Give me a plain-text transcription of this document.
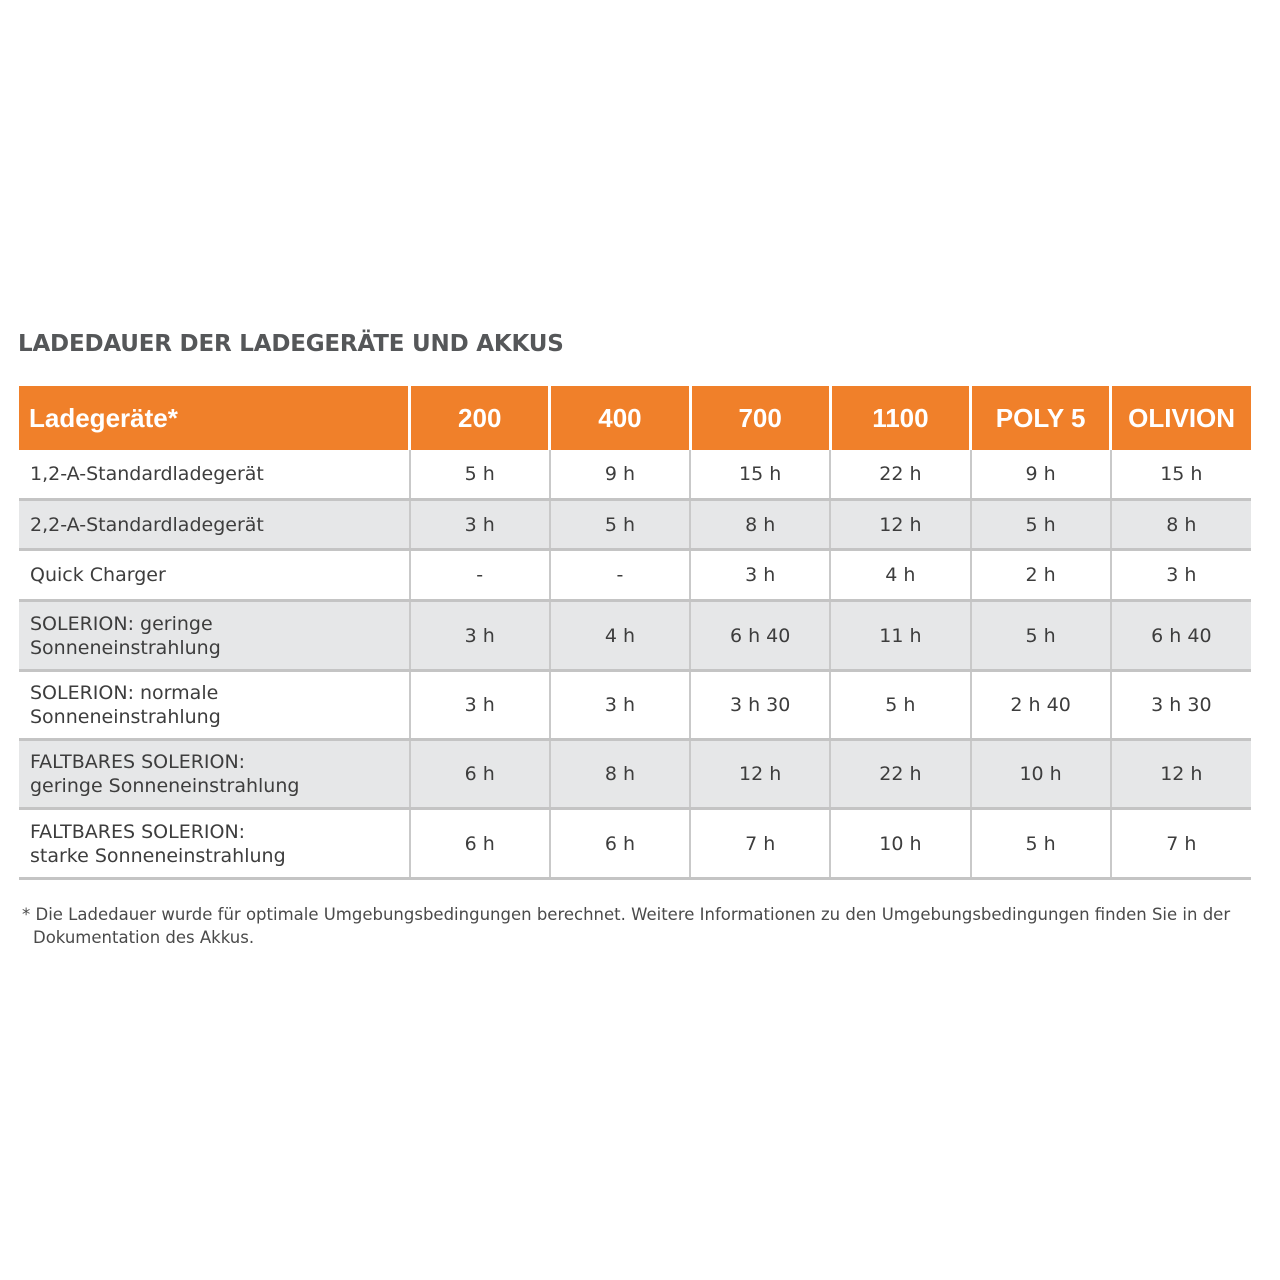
LADEDAUER DER LADEGERÄTE UND AKKUS
Ladegeräte*	200	400	700	1100	POLY 5	OLIVION
1,2-A-Standardladegerät	5 h	9 h	15 h	22 h	9 h	15 h
2,2-A-Standardladegerät	3 h	5 h	8 h	12 h	5 h	8 h
Quick Charger	-	-	3 h	4 h	2 h	3 h
SOLERION: geringe
Sonneneinstrahlung	3 h	4 h	6 h 40	11 h	5 h	6 h 40
SOLERION: normale
Sonneneinstrahlung	3 h	3 h	3 h 30	5 h	2 h 40	3 h 30
FALTBARES SOLERION:
geringe Sonneneinstrahlung	6 h	8 h	12 h	22 h	10 h	12 h
FALTBARES SOLERION:
starke Sonneneinstrahlung	6 h	6 h	7 h	10 h	5 h	7 h
* Die Ladedauer wurde für optimale Umgebungsbedingungen berechnet. Weitere Informationen zu den Umgebungsbedingungen finden Sie in der Dokumentation des Akkus.
